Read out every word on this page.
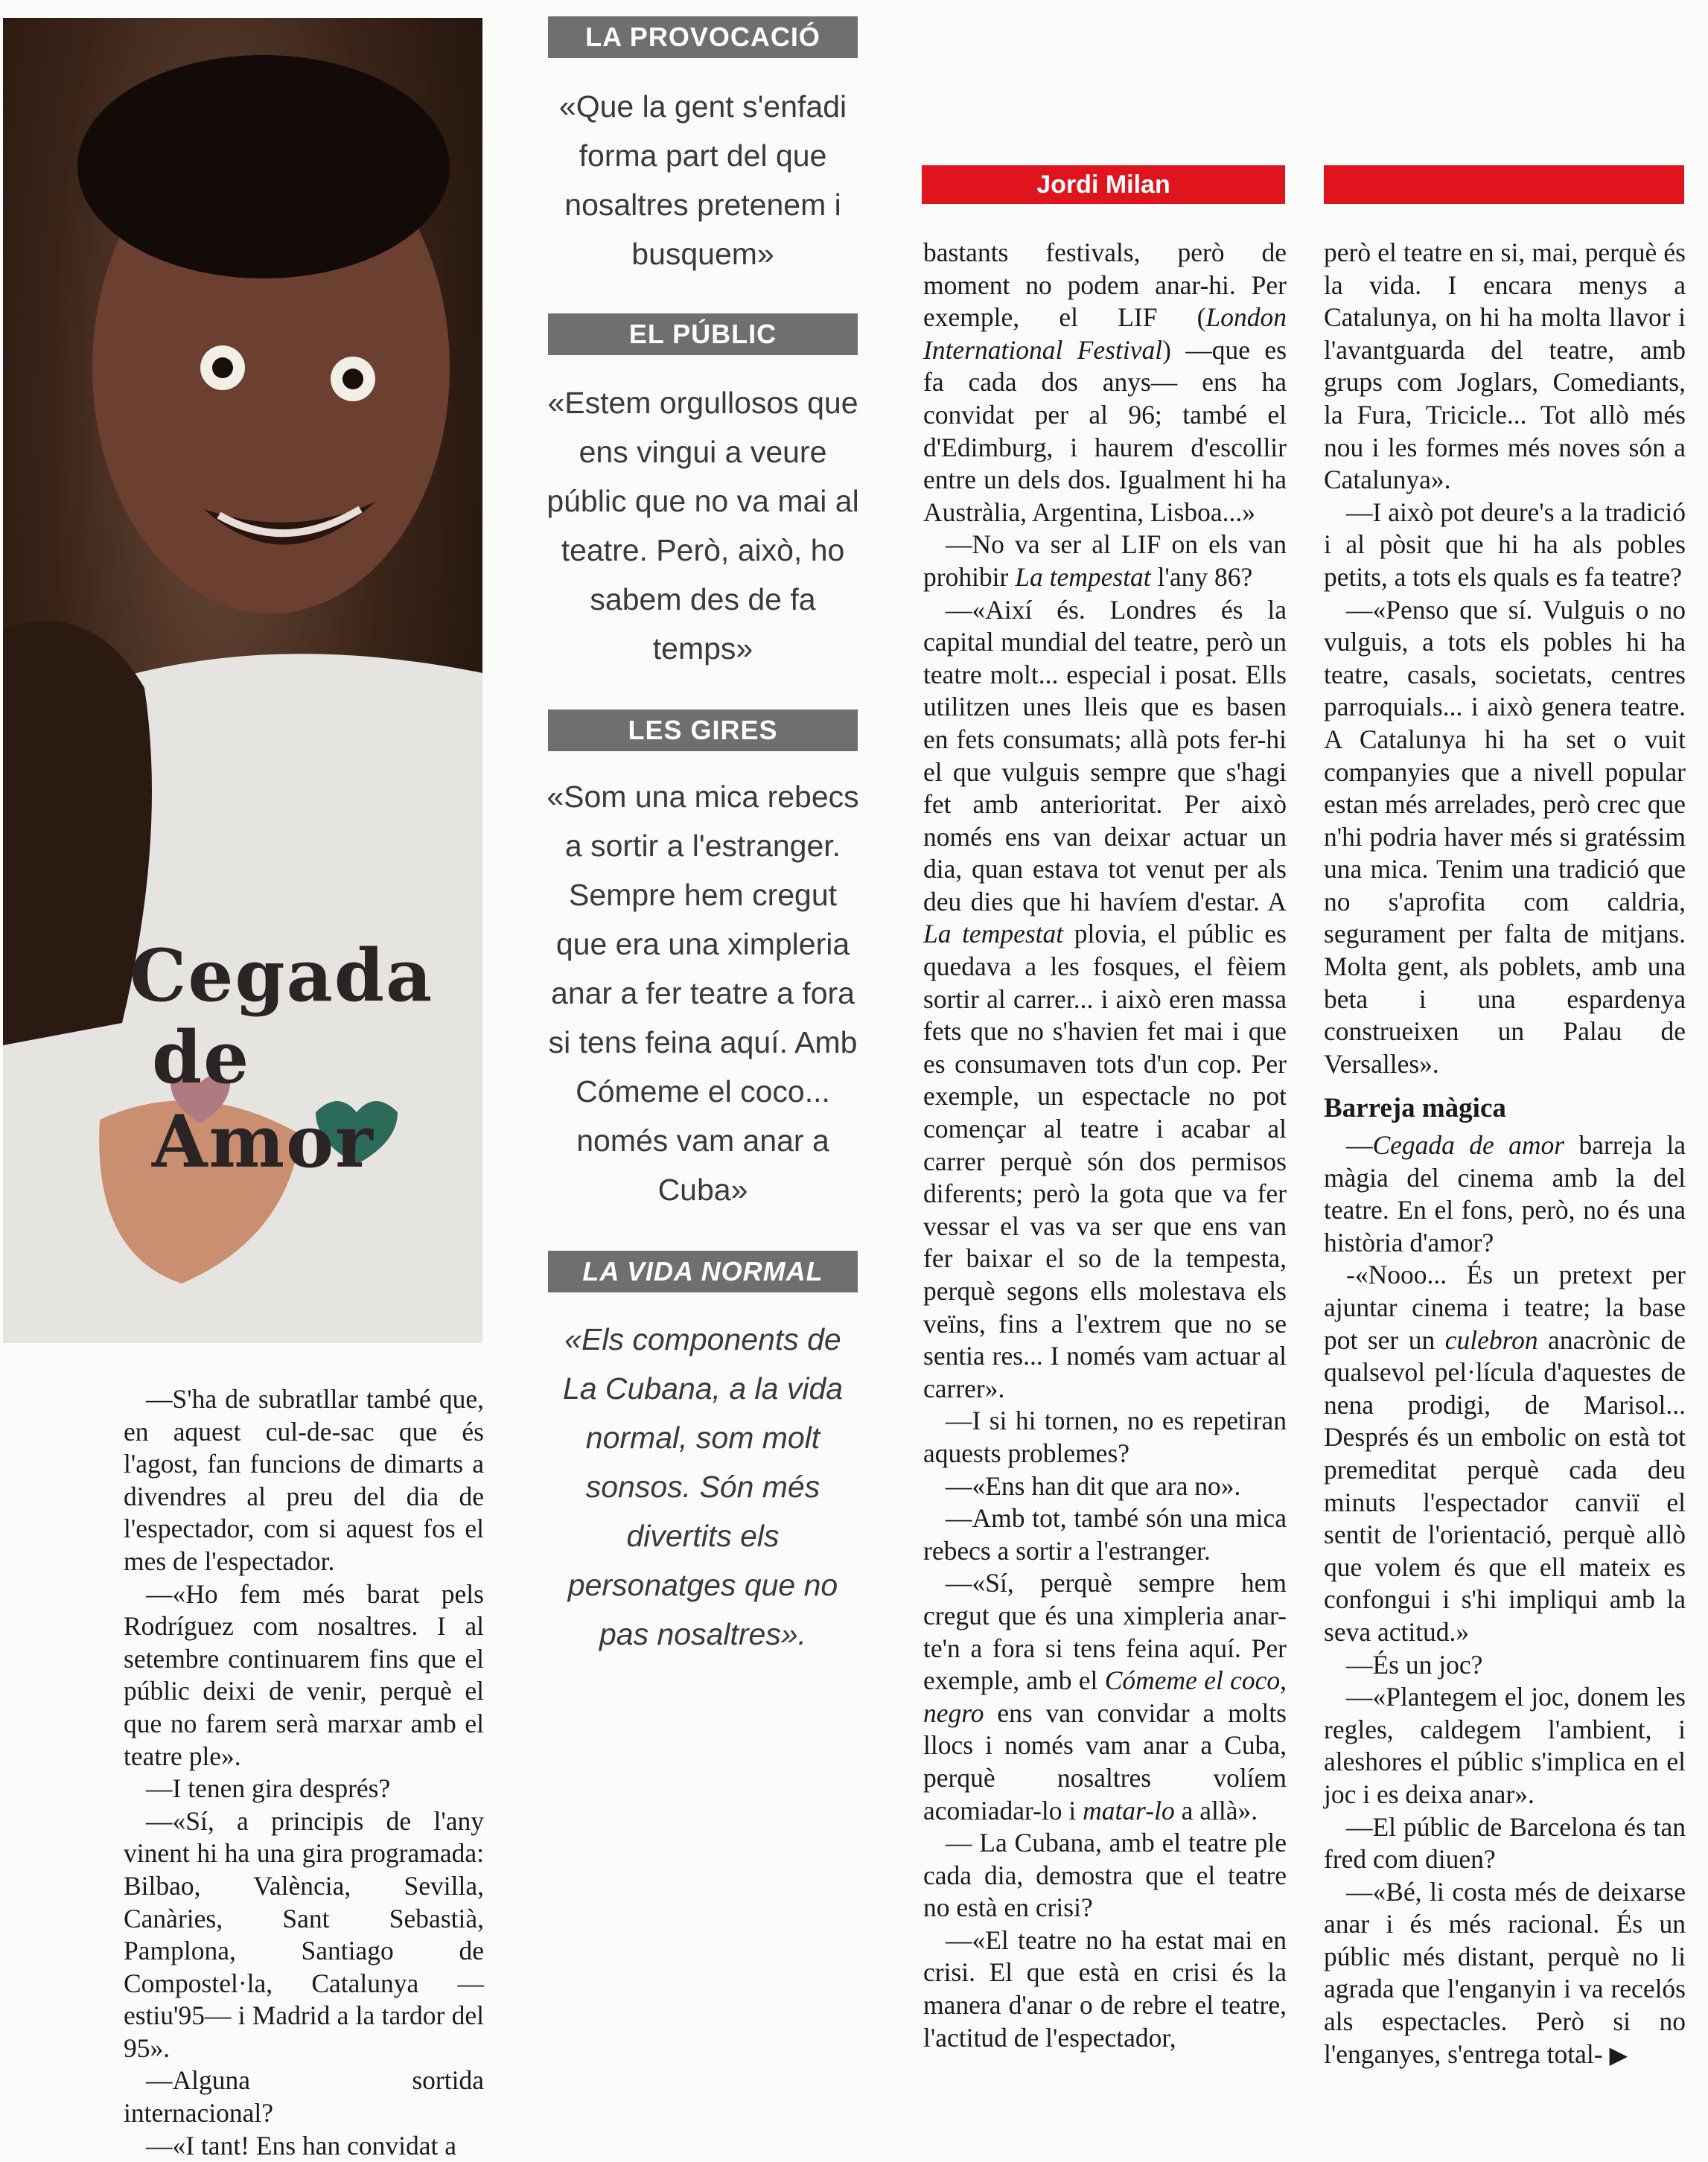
Cegada
de Amor

—S'ha de subratllar també que, en aquest cul-de-sac que és l'agost, fan funcions de dimarts a divendres al preu del dia de l'espectador, com si aquest fos el mes de l'espectador.

—«Ho fem més barat pels Rodríguez com nosaltres. I al setembre continuarem fins que el públic deixi de venir, perquè el que no farem serà marxar amb el teatre ple».

—I tenen gira després?

—«Sí, a principis de l'any vinent hi ha una gira programada: Bilbao, València, Sevilla, Canàries, Sant Sebastià, Pamplona, Santiago de Compostel·la, Catalunya —estiu'95— i Madrid a la tardor del 95».

—Alguna sortida internacional?

—«I tant! Ens han convidat a

LA PROVOCACIÓ
«Que la gent s'enfadi forma part del que nosaltres pretenem i busquem»
EL PÚBLIC
«Estem orgullosos que ens vingui a veure públic que no va mai al teatre. Però, això, ho sabem des de fa temps»
LES GIRES
«Som una mica rebecs a sortir a l'estranger. Sempre hem cregut que era una ximpleria anar a fer teatre a fora si tens feina aquí. Amb Cómeme el coco... només vam anar a Cuba»
LA VIDA NORMAL
«Els components de La Cubana, a la vida normal, som molt sonsos. Són més divertits els personatges que no pas nosaltres».
Jordi Milan

bastants festivals, però de moment no podem anar-hi. Per exemple, el LIF (London International Festival) —que es fa cada dos anys— ens ha convidat per al 96; també el d'Edimburg, i haurem d'escollir entre un dels dos. Igualment hi ha Austràlia, Argentina, Lisboa...»

—No va ser al LIF on els van prohibir La tempestat l'any 86?

—«Així és. Londres és la capital mundial del teatre, però un teatre molt... especial i posat. Ells utilitzen unes lleis que es basen en fets consumats; allà pots fer-hi el que vulguis sempre que s'hagi fet amb anterioritat. Per això només ens van deixar actuar un dia, quan estava tot venut per als deu dies que hi havíem d'estar. A La tempestat plovia, el públic es quedava a les fosques, el fèiem sortir al carrer... i això eren massa fets que no s'havien fet mai i que es consumaven tots d'un cop. Per exemple, un espectacle no pot començar al teatre i acabar al carrer perquè són dos permisos diferents; però la gota que va fer vessar el vas va ser que ens van fer baixar el so de la tempesta, perquè segons ells molestava els veïns, fins a l'extrem que no se sentia res... I només vam actuar al carrer».

—I si hi tornen, no es repetiran aquests problemes?

—«Ens han dit que ara no».

—Amb tot, també són una mica rebecs a sortir a l'estranger.

—«Sí, perquè sempre hem cregut que és una ximpleria anar-te'n a fora si tens feina aquí. Per exemple, amb el Cómeme el coco, negro ens van convidar a molts llocs i només vam anar a Cuba, perquè nosaltres volíem acomiadar-lo i matar-lo a allà».

— La Cubana, amb el teatre ple cada dia, demostra que el teatre no està en crisi?

—«El teatre no ha estat mai en crisi. El que està en crisi és la manera d'anar o de rebre el teatre, l'actitud de l'espectador,

però el teatre en si, mai, perquè és la vida. I encara menys a Catalunya, on hi ha molta llavor i l'avantguarda del teatre, amb grups com Joglars, Comediants, la Fura, Tricicle... Tot allò més nou i les formes més noves són a Catalunya».

—I això pot deure's a la tradició i al pòsit que hi ha als pobles petits, a tots els quals es fa teatre?

—«Penso que sí. Vulguis o no vulguis, a tots els pobles hi ha teatre, casals, societats, centres parroquials... i això genera teatre. A Catalunya hi ha set o vuit companyies que a nivell popular estan més arrelades, però crec que n'hi podria haver més si gratéssim una mica. Tenim una tradició que no s'aprofita com caldria, segurament per falta de mitjans. Molta gent, als poblets, amb una beta i una espardenya construeixen un Palau de Versalles».

Barreja màgica

—Cegada de amor barreja la màgia del cinema amb la del teatre. En el fons, però, no és una història d'amor?

-«Nooo... És un pretext per ajuntar cinema i teatre; la base pot ser un culebron anacrònic de qualsevol pel·lícula d'aquestes de nena prodigi, de Marisol... Després és un embolic on està tot premeditat perquè cada deu minuts l'espectador canviï el sentit de l'orientació, perquè allò que volem és que ell mateix es confongui i s'hi impliqui amb la seva actitud.»

—És un joc?

—«Plantegem el joc, donem les regles, caldegem l'ambient, i aleshores el públic s'implica en el joc i es deixa anar».

—El públic de Barcelona és tan fred com diuen?

—«Bé, li costa més de deixarse anar i és més racional. És un públic més distant, perquè no li agrada que l'enganyin i va recelós als espectacles. Però si no l'enganyes, s'entrega total- ▶
